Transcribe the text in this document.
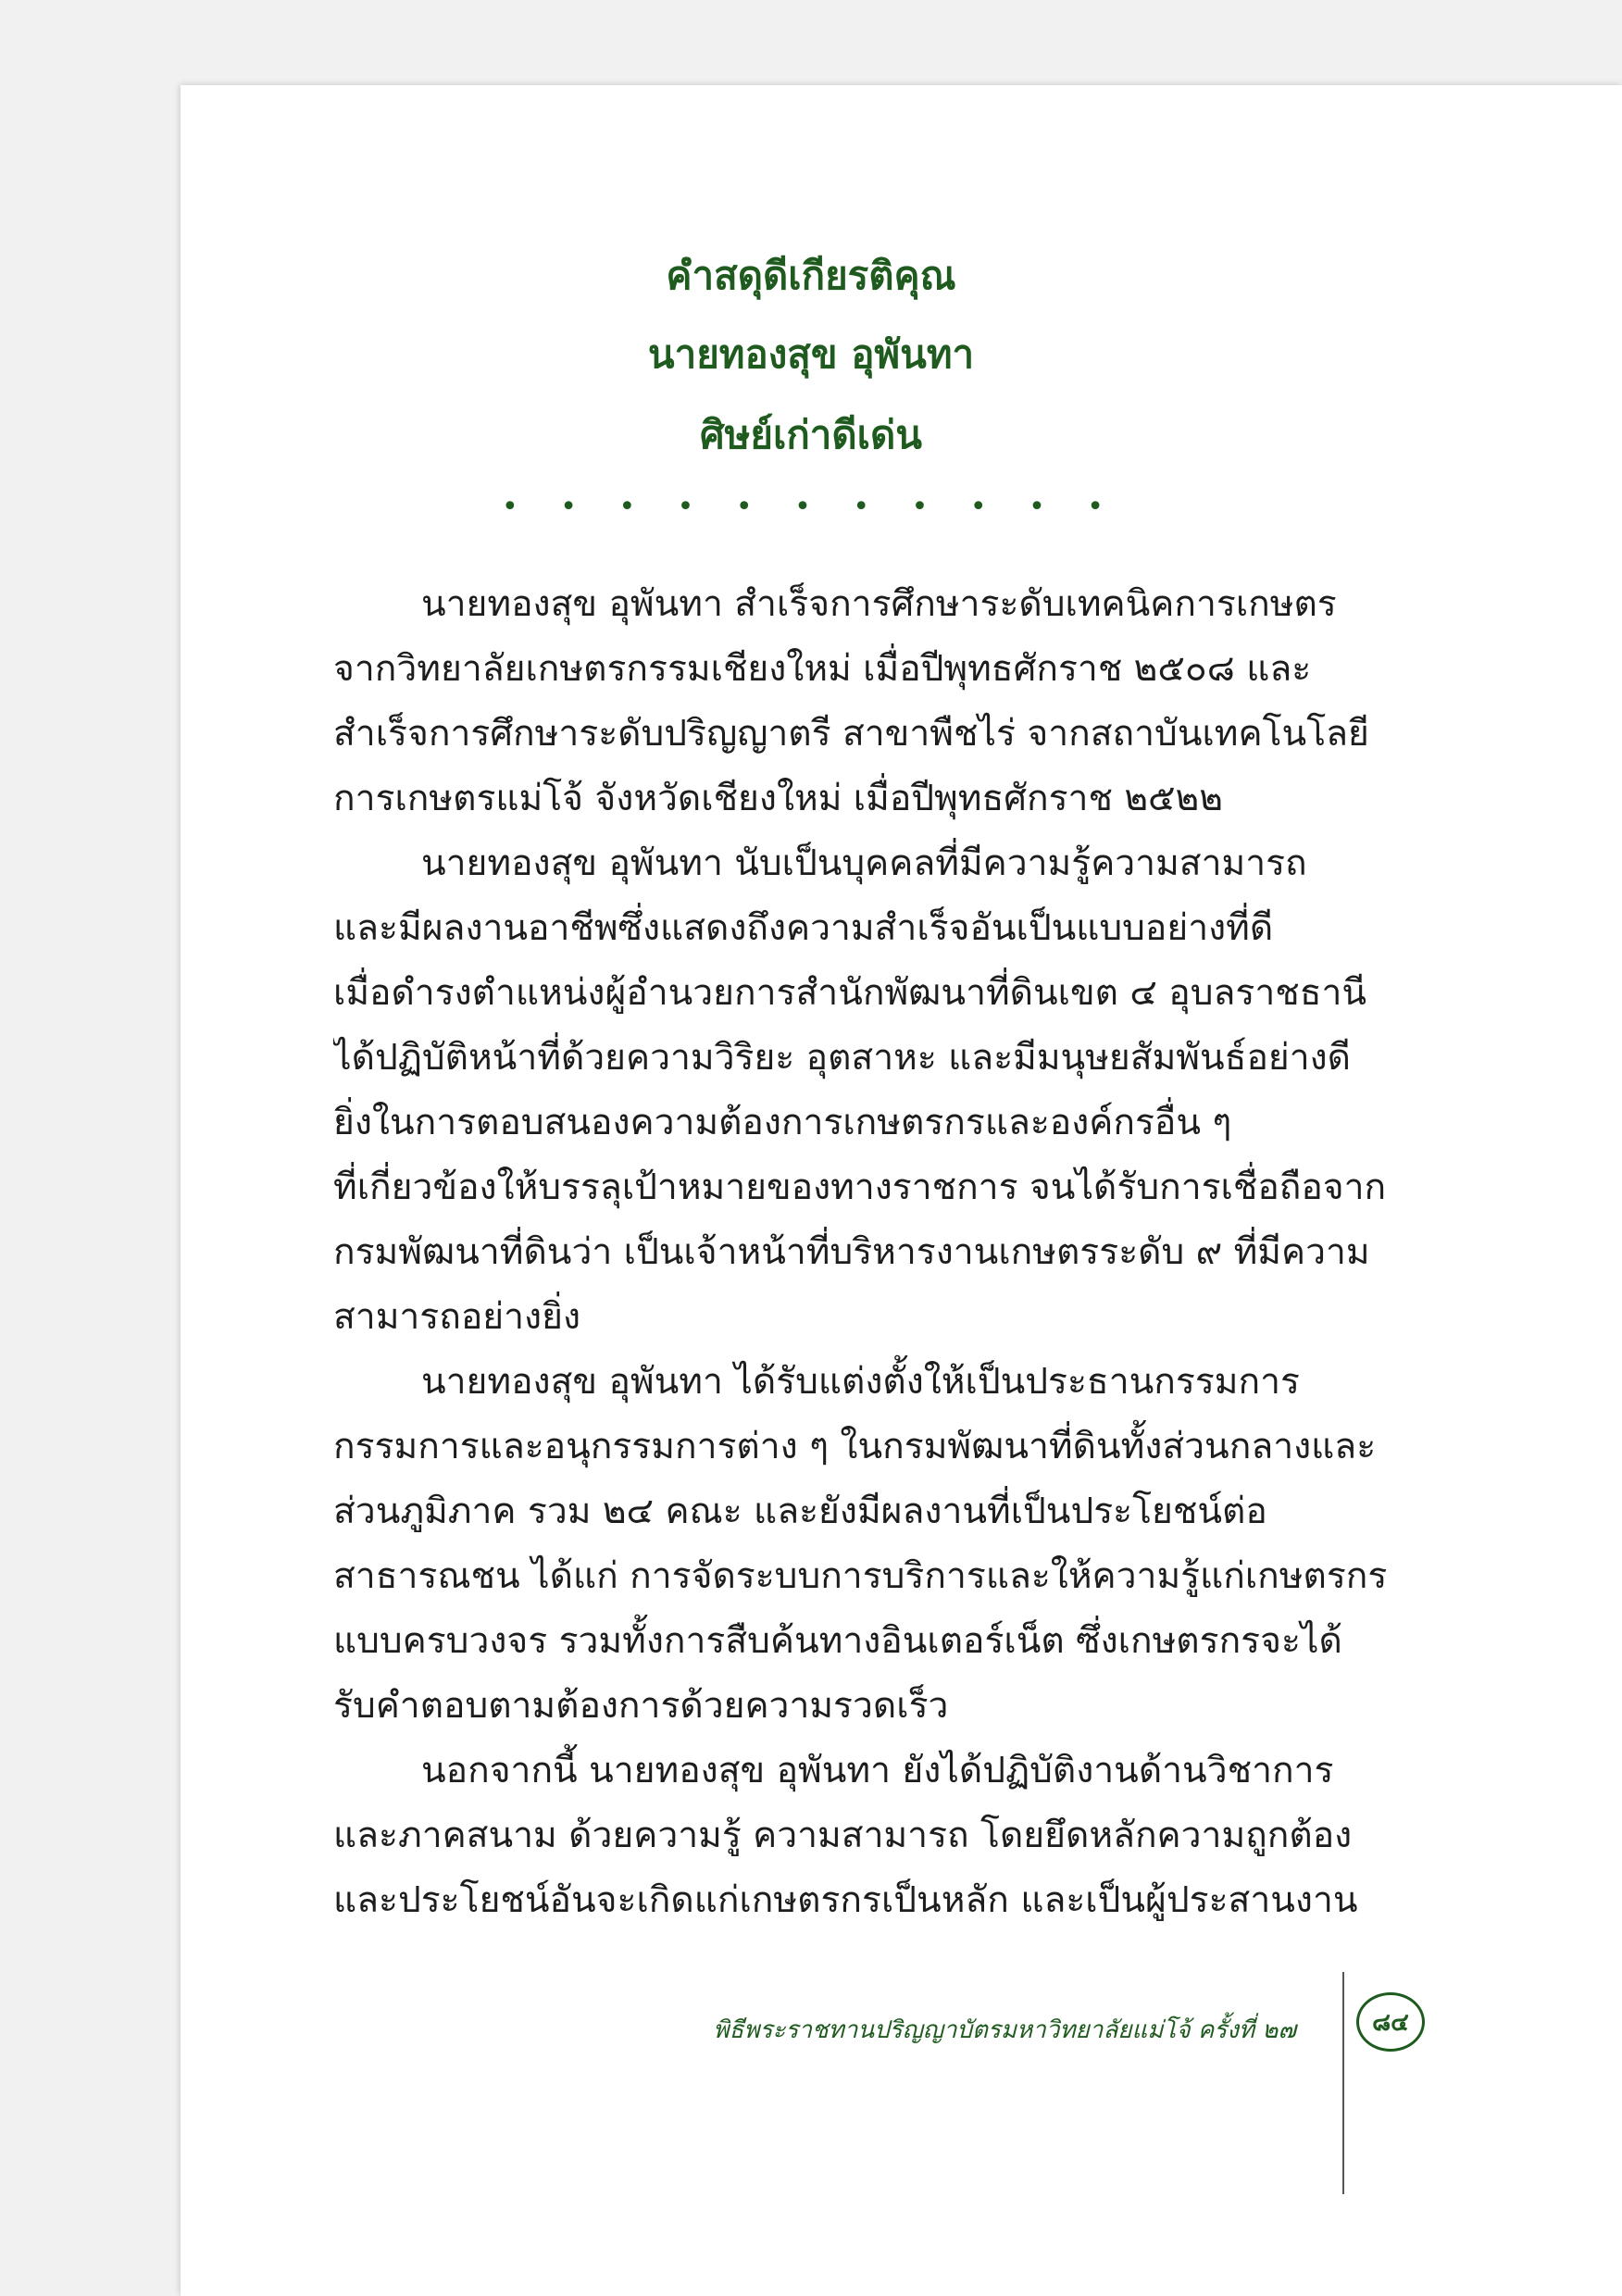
คำสดุดีเกียรติคุณ
นายทองสุข อุพันทา
ศิษย์เก่าดีเด่น
• • • • • • • • • • •
นายทองสุข อุพันทา สำเร็จการศึกษาระดับเทคนิคการเกษตร
จากวิทยาลัยเกษตรกรรมเชียงใหม่ เมื่อปีพุทธศักราช ๒๕๐๘ และ
สำเร็จการศึกษาระดับปริญญาตรี สาขาพืชไร่ จากสถาบันเทคโนโลยี
การเกษตรแม่โจ้ จังหวัดเชียงใหม่ เมื่อปีพุทธศักราช ๒๕๒๒
นายทองสุข อุพันทา นับเป็นบุคคลที่มีความรู้ความสามารถ
และมีผลงานอาชีพซึ่งแสดงถึงความสำเร็จอันเป็นแบบอย่างที่ดี
เมื่อดำรงตำแหน่งผู้อำนวยการสำนักพัฒนาที่ดินเขต ๔ อุบลราชธานี
ได้ปฏิบัติหน้าที่ด้วยความวิริยะ อุตสาหะ และมีมนุษยสัมพันธ์อย่างดี
ยิ่งในการตอบสนองความต้องการเกษตรกรและองค์กรอื่น ๆ
ที่เกี่ยวข้องให้บรรลุเป้าหมายของทางราชการ จนได้รับการเชื่อถือจาก
กรมพัฒนาที่ดินว่า เป็นเจ้าหน้าที่บริหารงานเกษตรระดับ ๙ ที่มีความ
สามารถอย่างยิ่ง
นายทองสุข อุพันทา ได้รับแต่งตั้งให้เป็นประธานกรรมการ
กรรมการและอนุกรรมการต่าง ๆ ในกรมพัฒนาที่ดินทั้งส่วนกลางและ
ส่วนภูมิภาค รวม ๒๔ คณะ และยังมีผลงานที่เป็นประโยชน์ต่อ
สาธารณชน ได้แก่ การจัดระบบการบริการและให้ความรู้แก่เกษตรกร
แบบครบวงจร รวมทั้งการสืบค้นทางอินเตอร์เน็ต ซึ่งเกษตรกรจะได้
รับคำตอบตามต้องการด้วยความรวดเร็ว
นอกจากนี้ นายทองสุข อุพันทา ยังได้ปฏิบัติงานด้านวิชาการ
และภาคสนาม ด้วยความรู้ ความสามารถ โดยยึดหลักความถูกต้อง
และประโยชน์อันจะเกิดแก่เกษตรกรเป็นหลัก และเป็นผู้ประสานงาน
พิธีพระราชทานปริญญาบัตรมหาวิทยาลัยแม่โจ้ ครั้งที่ ๒๗	๘๔
